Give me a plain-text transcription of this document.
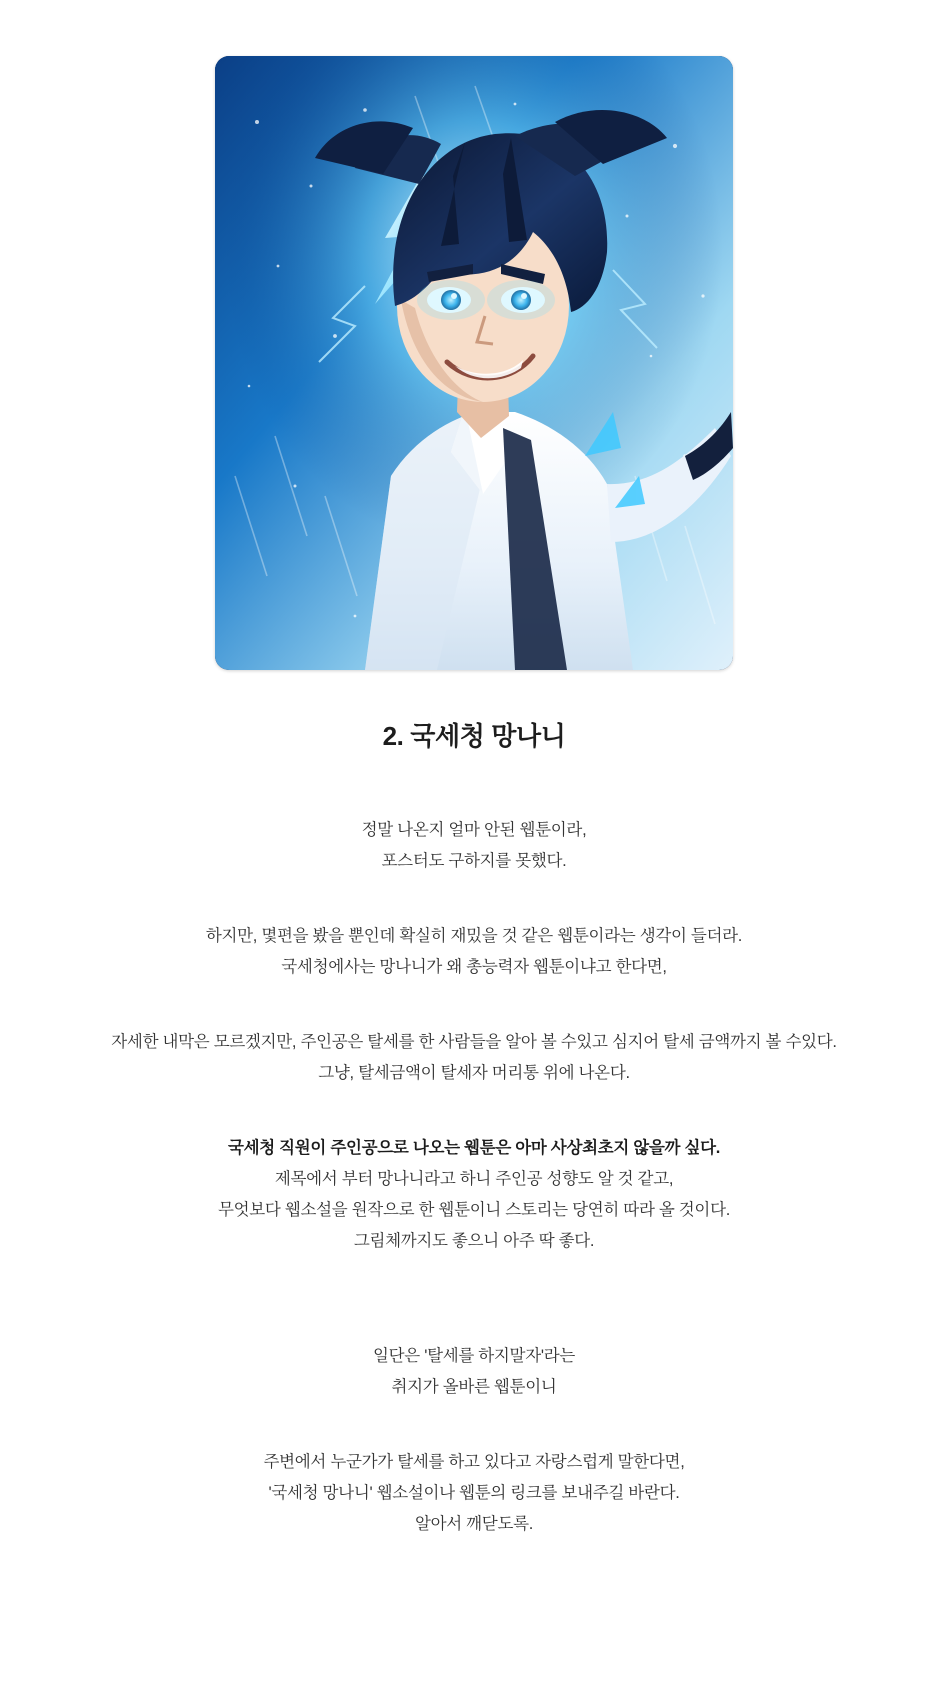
2. 국세청 망나니
정말 나온지 얼마 안된 웹툰이라,
포스터도 구하지를 못했다.
하지만, 몇편을 봤을 뿐인데 확실히 재밌을 것 같은 웹툰이라는 생각이 들더라.
국세청에사는 망나니가 왜 총능력자 웹툰이냐고 한다면,
자세한 내막은 모르겠지만, 주인공은 탈세를 한 사람들을 알아 볼 수있고 심지어 탈세 금액까지 볼 수있다.
그냥, 탈세금액이 탈세자 머리통 위에 나온다.
국세청 직원이 주인공으로 나오는 웹툰은 아마 사상최초지 않을까 싶다.
제목에서 부터 망나니라고 하니 주인공 성향도 알 것 같고,
무엇보다 웹소설을 원작으로 한 웹툰이니 스토리는 당연히 따라 올 것이다.
그림체까지도 좋으니 아주 딱 좋다.
일단은 '탈세를 하지말자'라는
취지가 올바른 웹툰이니
주변에서 누군가가 탈세를 하고 있다고 자랑스럽게 말한다면,
'국세청 망나니' 웹소설이나 웹툰의 링크를 보내주길 바란다.
알아서 깨닫도록.
